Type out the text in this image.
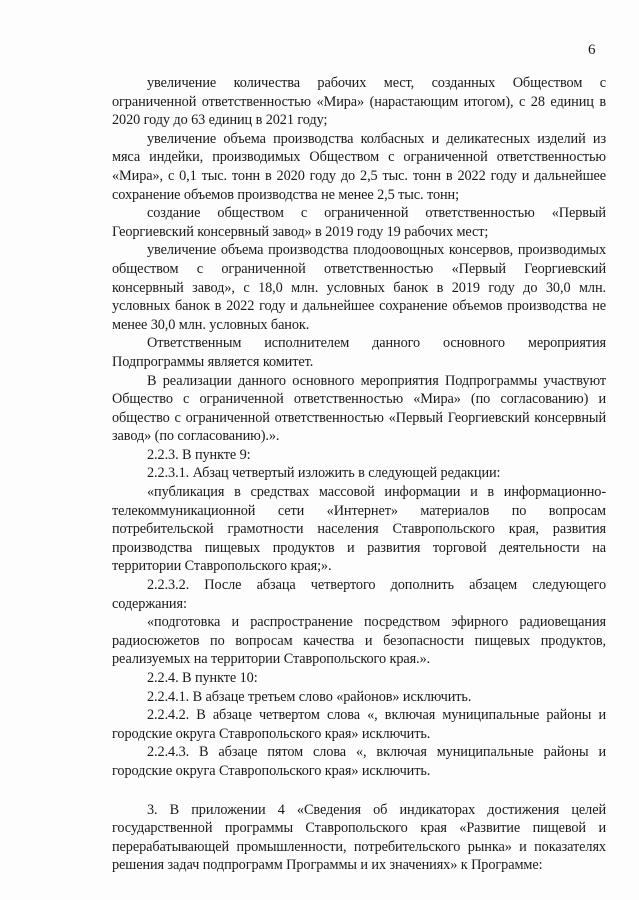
6

увеличение количества рабочих мест, созданных Обществом с ограниченной ответственностью «Мира» (нарастающим итогом), с 28 единиц в 2020 году до 63 единиц в 2021 году;

увеличение объема производства колбасных и деликатесных изделий из мяса индейки, производимых Обществом с ограниченной ответственностью «Мира», с 0,1 тыс. тонн в 2020 году до 2,5 тыс. тонн в 2022 году и дальнейшее сохранение объемов производства не менее 2,5 тыс. тонн;

создание обществом с ограниченной ответственностью «Первый Георгиевский консервный завод» в 2019 году 19 рабочих мест;

увеличение объема производства плодоовощных консервов, производимых обществом с ограниченной ответственностью «Первый Георгиевский консервный завод», с 18,0 млн. условных банок в 2019 году до 30,0 млн. условных банок в 2022 году и дальнейшее сохранение объемов производства не менее 30,0 млн. условных банок.

Ответственным исполнителем данного основного мероприятия Подпрограммы является комитет.

В реализации данного основного мероприятия Подпрограммы участвуют Общество с ограниченной ответственностью «Мира» (по согласованию) и общество с ограниченной ответственностью «Первый Георгиевский консервный завод» (по согласованию).».

2.2.3. В пункте 9:

2.2.3.1. Абзац четвертый изложить в следующей редакции:

«публикация в средствах массовой информации и в информационно-телекоммуникационной сети «Интернет» материалов по вопросам потребительской грамотности населения Ставропольского края, развития производства пищевых продуктов и развития торговой деятельности на территории Ставропольского края;».

2.2.3.2. После абзаца четвертого дополнить абзацем следующего содержания:

«подготовка и распространение посредством эфирного радиовещания радиосюжетов по вопросам качества и безопасности пищевых продуктов, реализуемых на территории Ставропольского края.».

2.2.4. В пункте 10:

2.2.4.1. В абзаце третьем слово «районов» исключить.

2.2.4.2. В абзаце четвертом слова «, включая муниципальные районы и городские округа Ставропольского края» исключить.

2.2.4.3. В абзаце пятом слова «, включая муниципальные районы и городские округа Ставропольского края» исключить.

3. В приложении 4 «Сведения об индикаторах достижения целей государственной программы Ставропольского края «Развитие пищевой и перерабатывающей промышленности, потребительского рынка» и показателях решения задач подпрограмм Программы и их значениях» к Программе:
